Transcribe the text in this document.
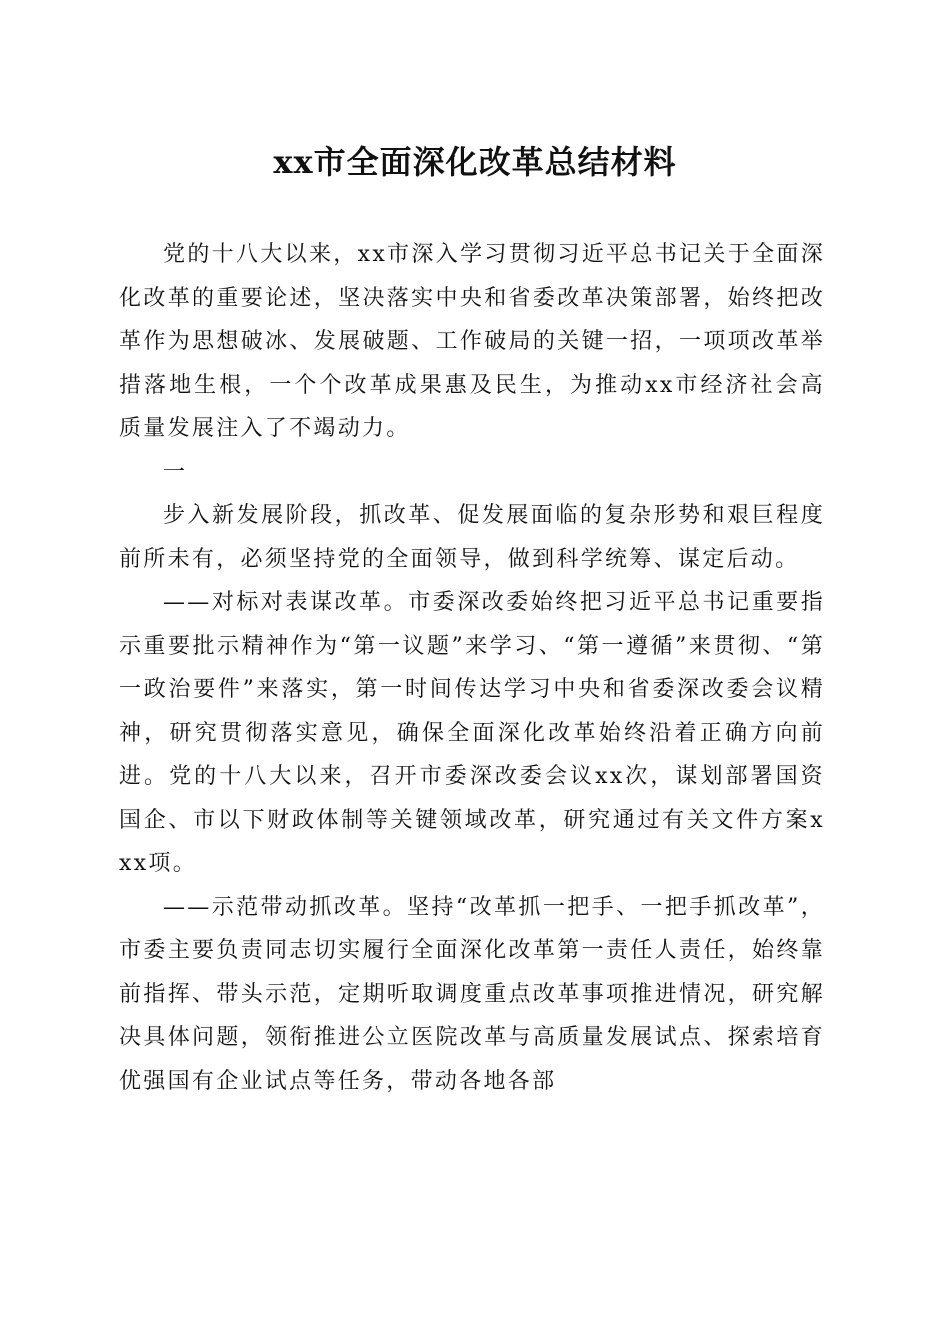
xx市全面深化改革总结材料

党的十八大以来，xx市深入学习贯彻习近平总书记关于全面深化改革的重要论述，坚决落实中央和省委改革决策部署，始终把改革作为思想破冰、发展破题、工作破局的关键一招，一项项改革举措落地生根，一个个改革成果惠及民生，为推动xx市经济社会高质量发展注入了不竭动力。

一

步入新发展阶段，抓改革、促发展面临的复杂形势和艰巨程度前所未有，必须坚持党的全面领导，做到科学统筹、谋定后动。

——对标对表谋改革。市委深改委始终把习近平总书记重要指示重要批示精神作为“第一议题”来学习、“第一遵循”来贯彻、“第一政治要件”来落实，第一时间传达学习中央和省委深改委会议精神，研究贯彻落实意见，确保全面深化改革始终沿着正确方向前进。党的十八大以来，召开市委深改委会议xx次，谋划部署国资国企、市以下财政体制等关键领域改革，研究通过有关文件方案xxx项。

——示范带动抓改革。坚持“改革抓一把手、一把手抓改革”，市委主要负责同志切实履行全面深化改革第一责任人责任，始终靠前指挥、带头示范，定期听取调度重点改革事项推进情况，研究解决具体问题，领衔推进公立医院改革与高质量发展试点、探索培育优强国有企业试点等任务，带动各地各部
